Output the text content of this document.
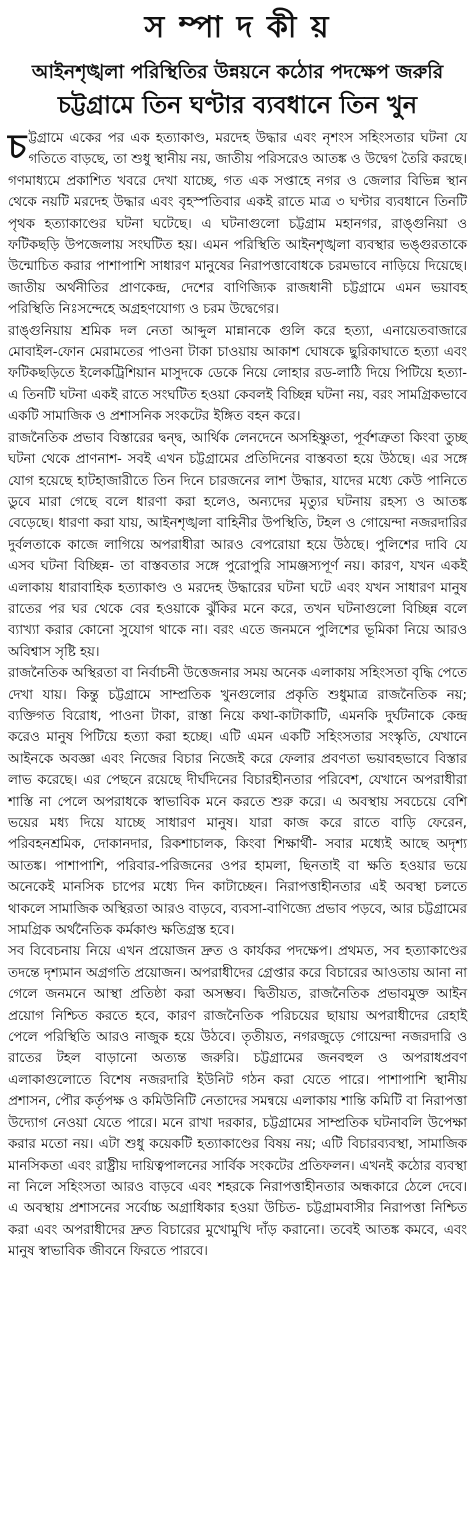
স ম্পা দ কী য়
আইনশৃঙ্খলা পরিস্থিতির উন্নয়নে কঠোর পদক্ষেপ জরুরি
চট্টগ্রামে তিন ঘণ্টার ব্যবধানে তিন খুন

চট্টগ্রামে একের পর এক হত্যাকাণ্ড, মরদেহ উদ্ধার এবং নৃশংস সহিংসতার ঘটনা যে গতিতে বাড়ছে, তা শুধু স্থানীয় নয়, জাতীয় পরিসরেও আতঙ্ক ও উদ্বেগ তৈরি করছে। গণমাধ্যমে প্রকাশিত খবরে দেখা যাচ্ছে, গত এক সপ্তাহে নগর ও জেলার বিভিন্ন স্থান থেকে নয়টি মরদেহ উদ্ধার এবং বৃহস্পতিবার একই রাতে মাত্র ৩ ঘণ্টার ব্যবধানে তিনটি পৃথক হত্যাকাণ্ডের ঘটনা ঘটেছে। এ ঘটনাগুলো চট্টগ্রাম মহানগর, রাঙ্গুনিয়া ও ফটিকছড়ি উপজেলায় সংঘটিত হয়। এমন পরিস্থিতি আইনশৃঙ্খলা ব্যবস্থার ভঙ্গুরতাকে উন্মোচিত করার পাশাপাশি সাধারণ মানুষের নিরাপত্তাবোধকে চরমভাবে নাড়িয়ে দিয়েছে। জাতীয় অর্থনীতির প্রাণকেন্দ্র, দেশের বাণিজ্যিক রাজধানী চট্টগ্রামে এমন ভয়াবহ পরিস্থিতি নিঃসন্দেহে অগ্রহণযোগ্য ও চরম উদ্বেগের।

রাঙ্গুনিয়ায় শ্রমিক দল নেতা আব্দুল মান্নানকে গুলি করে হত্যা, এনায়েতবাজারে মোবাইল-ফোন মেরামতের পাওনা টাকা চাওয়ায় আকাশ ঘোষকে ছুরিকাঘাতে হত্যা এবং ফটিকছড়িতে ইলেকট্রিশিয়ান মাসুদকে ডেকে নিয়ে লোহার রড-লাঠি দিয়ে পিটিয়ে হত্যা- এ তিনটি ঘটনা একই রাতে সংঘটিত হওয়া কেবলই বিচ্ছিন্ন ঘটনা নয়, বরং সামগ্রিকভাবে একটি সামাজিক ও প্রশাসনিক সংকটের ইঙ্গিত বহন করে।

রাজনৈতিক প্রভাব বিস্তারের দ্বন্দ্ব, আর্থিক লেনদেনে অসহিষ্ণুতা, পূর্বশত্রুতা কিংবা তুচ্ছ ঘটনা থেকে প্রাণনাশ- সবই এখন চট্টগ্রামের প্রতিদিনের বাস্তবতা হয়ে উঠছে। এর সঙ্গে যোগ হয়েছে হাটহাজারীতে তিন দিনে চারজনের লাশ উদ্ধার, যাদের মধ্যে কেউ পানিতে ডুবে মারা গেছে বলে ধারণা করা হলেও, অন্যদের মৃত্যুর ঘটনায় রহস্য ও আতঙ্ক বেড়েছে। ধারণা করা যায়, আইনশৃঙ্খলা বাহিনীর উপস্থিতি, টহল ও গোয়েন্দা নজরদারির দুর্বলতাকে কাজে লাগিয়ে অপরাধীরা আরও বেপরোয়া হয়ে উঠছে। পুলিশের দাবি যে এসব ঘটনা বিচ্ছিন্ন- তা বাস্তবতার সঙ্গে পুরোপুরি সামঞ্জস্যপূর্ণ নয়। কারণ, যখন একই এলাকায় ধারাবাহিক হত্যাকাণ্ড ও মরদেহ উদ্ধারের ঘটনা ঘটে এবং যখন সাধারণ মানুষ রাতের পর ঘর থেকে বের হওয়াকে ঝুঁকির মনে করে, তখন ঘটনাগুলো বিচ্ছিন্ন বলে ব্যাখ্যা করার কোনো সুযোগ থাকে না। বরং এতে জনমনে পুলিশের ভূমিকা নিয়ে আরও অবিশ্বাস সৃষ্টি হয়।

রাজনৈতিক অস্থিরতা বা নির্বাচনী উত্তেজনার সময় অনেক এলাকায় সহিংসতা বৃদ্ধি পেতে দেখা যায়। কিন্তু চট্টগ্রামে সাম্প্রতিক খুনগুলোর প্রকৃতি শুধুমাত্র রাজনৈতিক নয়; ব্যক্তিগত বিরোধ, পাওনা টাকা, রাস্তা নিয়ে কথা-কাটাকাটি, এমনকি দুর্ঘটনাকে কেন্দ্র করেও মানুষ পিটিয়ে হত্যা করা হচ্ছে। এটি এমন একটি সহিংসতার সংস্কৃতি, যেখানে আইনকে অবজ্ঞা এবং নিজের বিচার নিজেই করে ফেলার প্রবণতা ভয়াবহভাবে বিস্তার লাভ করেছে। এর পেছনে রয়েছে দীর্ঘদিনের বিচারহীনতার পরিবেশ, যেখানে অপরাধীরা শাস্তি না পেলে অপরাধকে স্বাভাবিক মনে করতে শুরু করে। এ অবস্থায় সবচেয়ে বেশি ভয়ের মধ্য দিয়ে যাচ্ছে সাধারণ মানুষ। যারা কাজ করে রাতে বাড়ি ফেরেন, পরিবহনশ্রমিক, দোকানদার, রিকশাচালক, কিংবা শিক্ষার্থী- সবার মধ্যেই আছে অদৃশ্য আতঙ্ক। পাশাপাশি, পরিবার-পরিজনের ওপর হামলা, ছিনতাই বা ক্ষতি হওয়ার ভয়ে অনেকেই মানসিক চাপের মধ্যে দিন কাটাচ্ছেন। নিরাপত্তাহীনতার এই অবস্থা চলতে থাকলে সামাজিক অস্থিরতা আরও বাড়বে, ব্যবসা-বাণিজ্যে প্রভাব পড়বে, আর চট্টগ্রামের সামগ্রিক অর্থনৈতিক কর্মকাণ্ড ক্ষতিগ্রস্ত হবে।

সব বিবেচনায় নিয়ে এখন প্রয়োজন দ্রুত ও কার্যকর পদক্ষেপ। প্রথমত, সব হত্যাকাণ্ডের তদন্তে দৃশ্যমান অগ্রগতি প্রয়োজন। অপরাধীদের গ্রেপ্তার করে বিচারের আওতায় আনা না গেলে জনমনে আস্থা প্রতিষ্ঠা করা অসম্ভব। দ্বিতীয়ত, রাজনৈতিক প্রভাবমুক্ত আইন প্রয়োগ নিশ্চিত করতে হবে, কারণ রাজনৈতিক পরিচয়ের ছায়ায় অপরাধীদের রেহাই পেলে পরিস্থিতি আরও নাজুক হয়ে উঠবে। তৃতীয়ত, নগরজুড়ে গোয়েন্দা নজরদারি ও রাতের টহল বাড়ানো অত্যন্ত জরুরি। চট্টগ্রামের জনবহুল ও অপরাধপ্রবণ এলাকাগুলোতে বিশেষ নজরদারি ইউনিট গঠন করা যেতে পারে। পাশাপাশি স্থানীয় প্রশাসন, পৌর কর্তৃপক্ষ ও কমিউনিটি নেতাদের সমন্বয়ে এলাকায় শান্তি কমিটি বা নিরাপত্তা উদ্যোগ নেওয়া যেতে পারে। মনে রাখা দরকার, চট্টগ্রামের সাম্প্রতিক ঘটনাবলি উপেক্ষা করার মতো নয়। এটা শুধু কয়েকটি হত্যাকাণ্ডের বিষয় নয়; এটি বিচারব্যবস্থা, সামাজিক মানসিকতা এবং রাষ্ট্রীয় দায়িত্বপালনের সার্বিক সংকটের প্রতিফলন। এখনই কঠোর ব্যবস্থা না নিলে সহিংসতা আরও বাড়বে এবং শহরকে নিরাপত্তাহীনতার অন্ধকারে ঠেলে দেবে। এ অবস্থায় প্রশাসনের সর্বোচ্চ অগ্রাধিকার হওয়া উচিত- চট্টগ্রামবাসীর নিরাপত্তা নিশ্চিত করা এবং অপরাধীদের দ্রুত বিচারের মুখোমুখি দাঁড় করানো। তবেই আতঙ্ক কমবে, এবং মানুষ স্বাভাবিক জীবনে ফিরতে পারবে।
